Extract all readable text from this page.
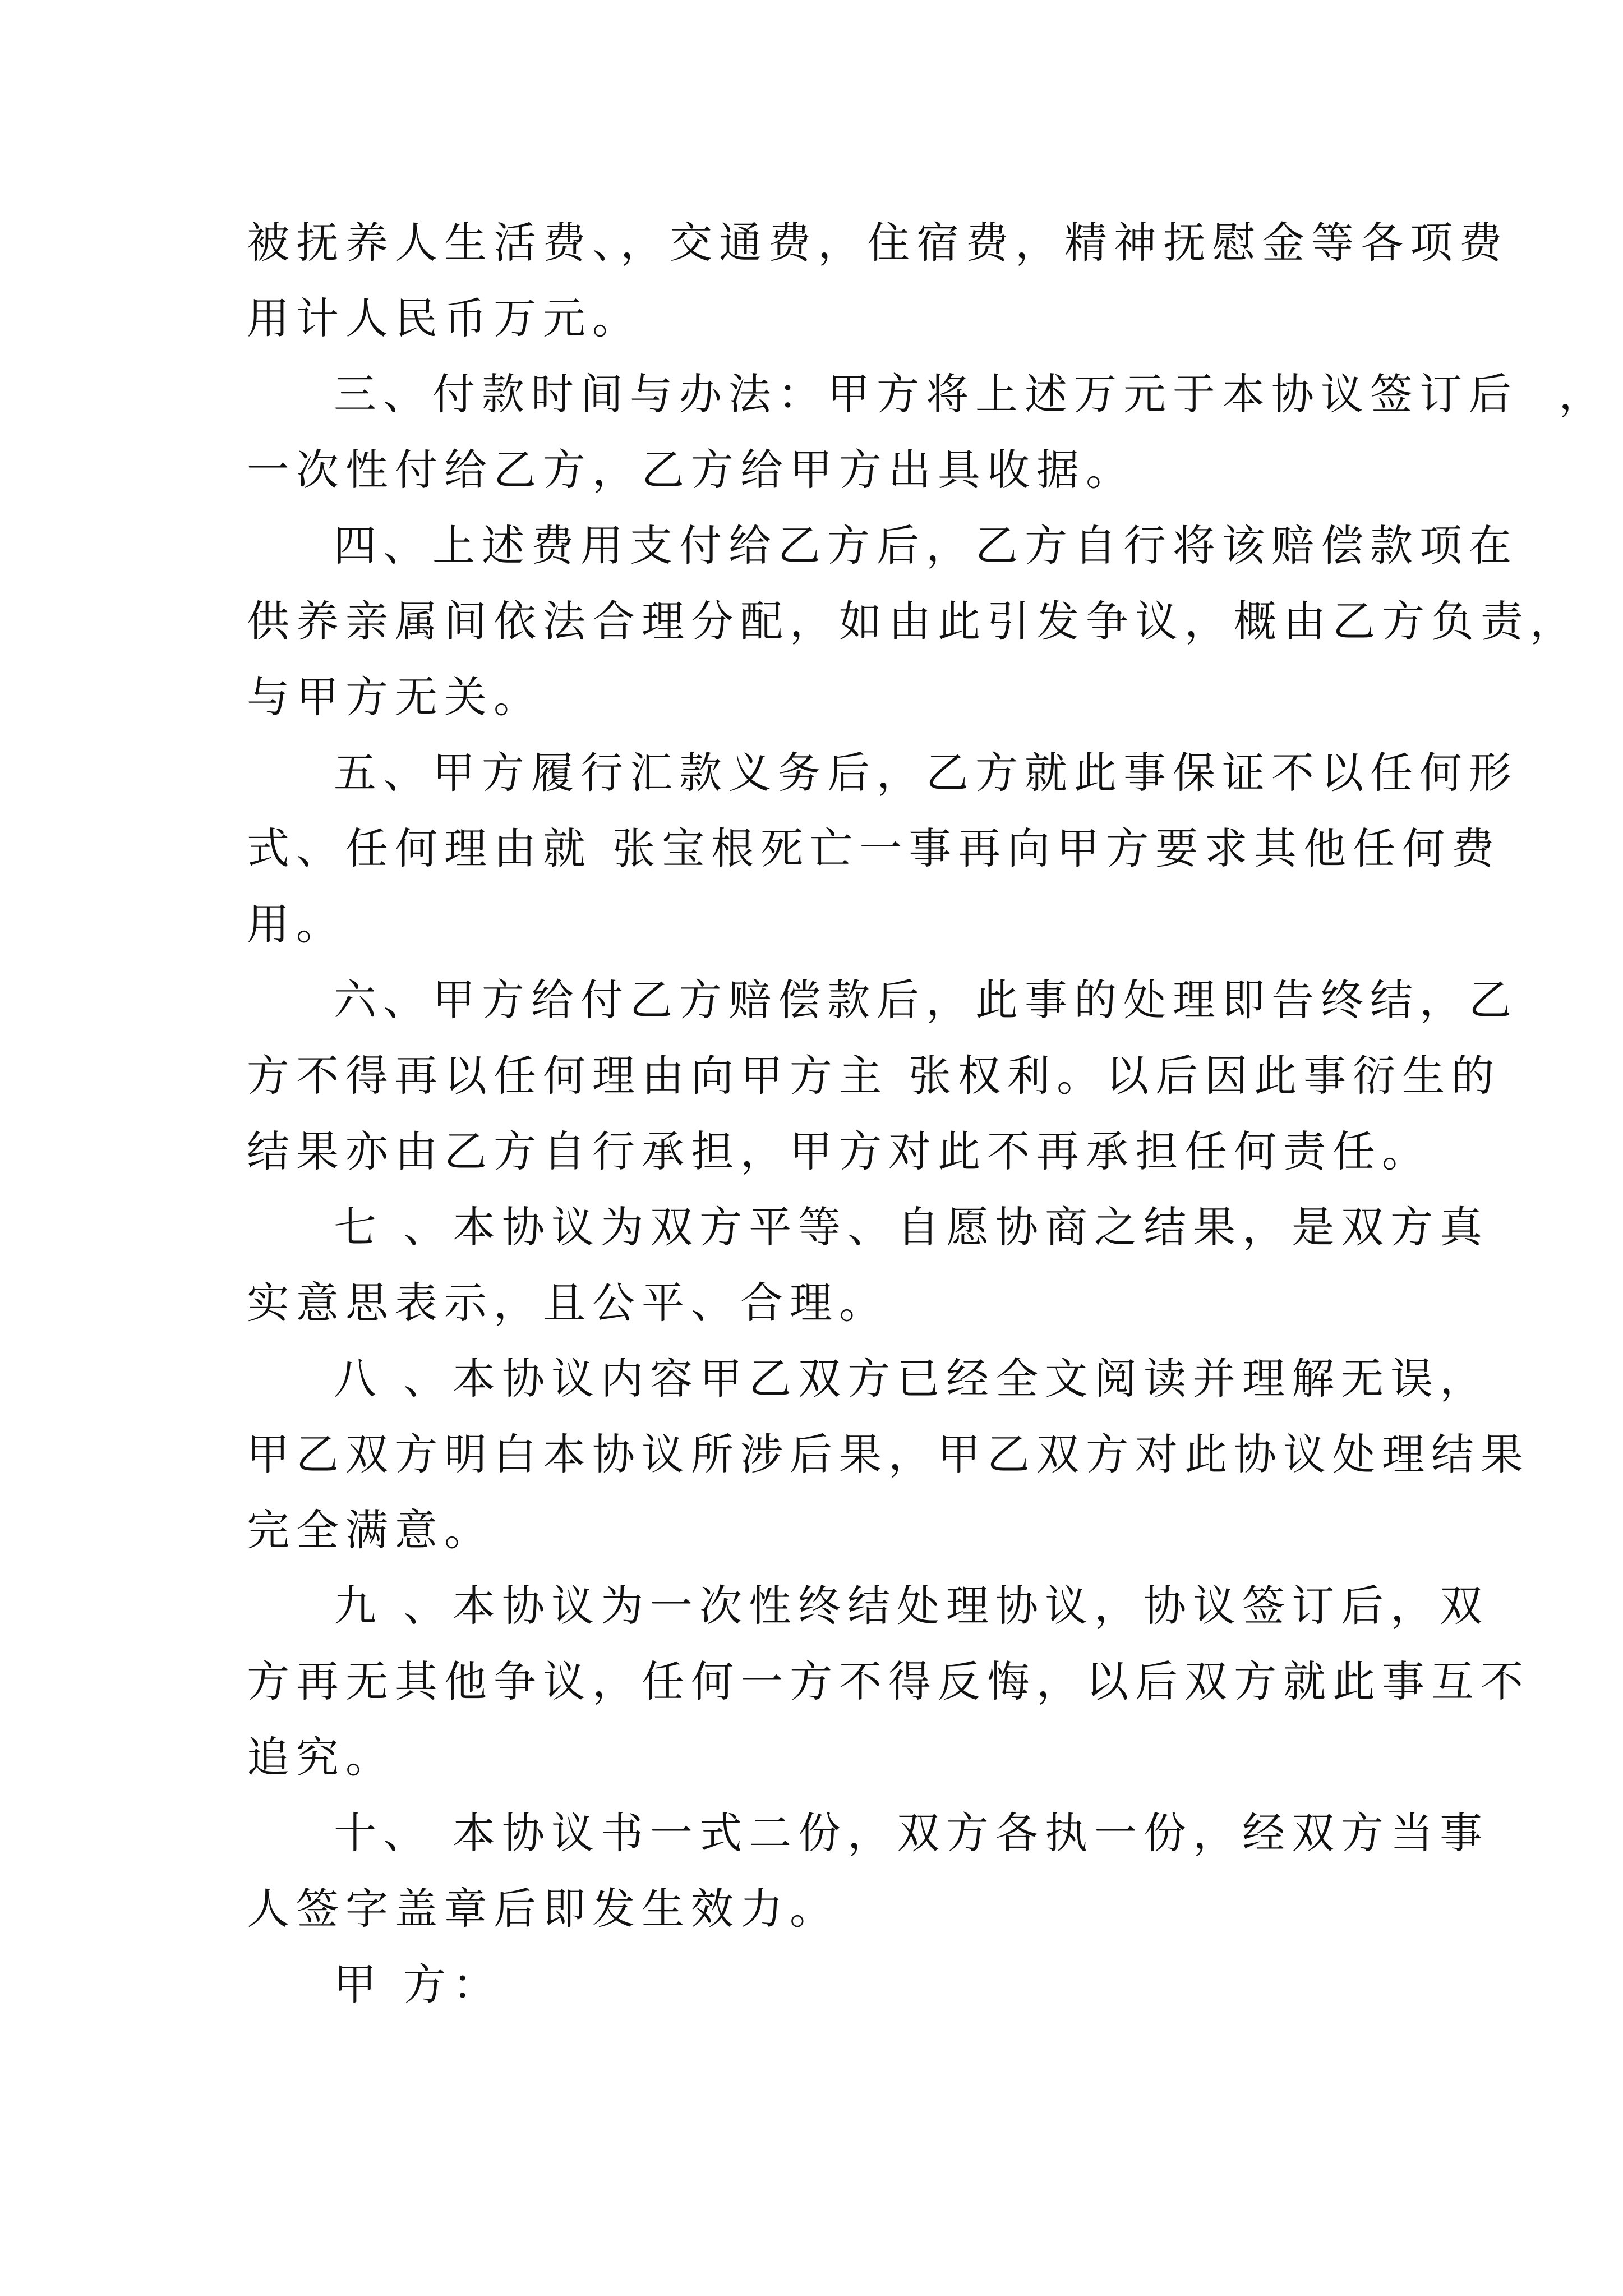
被抚养人生活费、，交通费，住宿费，精神抚慰金等各项费
用计人民币万元。
三、付款时间与办法：甲方将上述万元于本协议签订后  ，
一次性付给乙方，乙方给甲方出具收据。
四、上述费用支付给乙方后，乙方自行将该赔偿款项在
供养亲属间依法合理分配，如由此引发争议，概由乙方负责，
与甲方无关。
五、甲方履行汇款义务后，乙方就此事保证不以任何形
式、任何理由就 张宝根死亡一事再向甲方要求其他任何费
用。
六、甲方给付乙方赔偿款后，此事的处理即告终结，乙
方不得再以任何理由向甲方主 张权利。以后因此事衍生的
结果亦由乙方自行承担，甲方对此不再承担任何责任。
七 、本协议为双方平等、自愿协商之结果，是双方真
实意思表示，且公平、合理。
八 、本协议内容甲乙双方已经全文阅读并理解无误，
甲乙双方明白本协议所涉后果，甲乙双方对此协议处理结果
完全满意。
九 、本协议为一次性终结处理协议，协议签订后，双
方再无其他争议，任何一方不得反悔，以后双方就此事互不
追究。
十、 本协议书一式二份，双方各执一份，经双方当事
人签字盖章后即发生效力。
甲 方：
